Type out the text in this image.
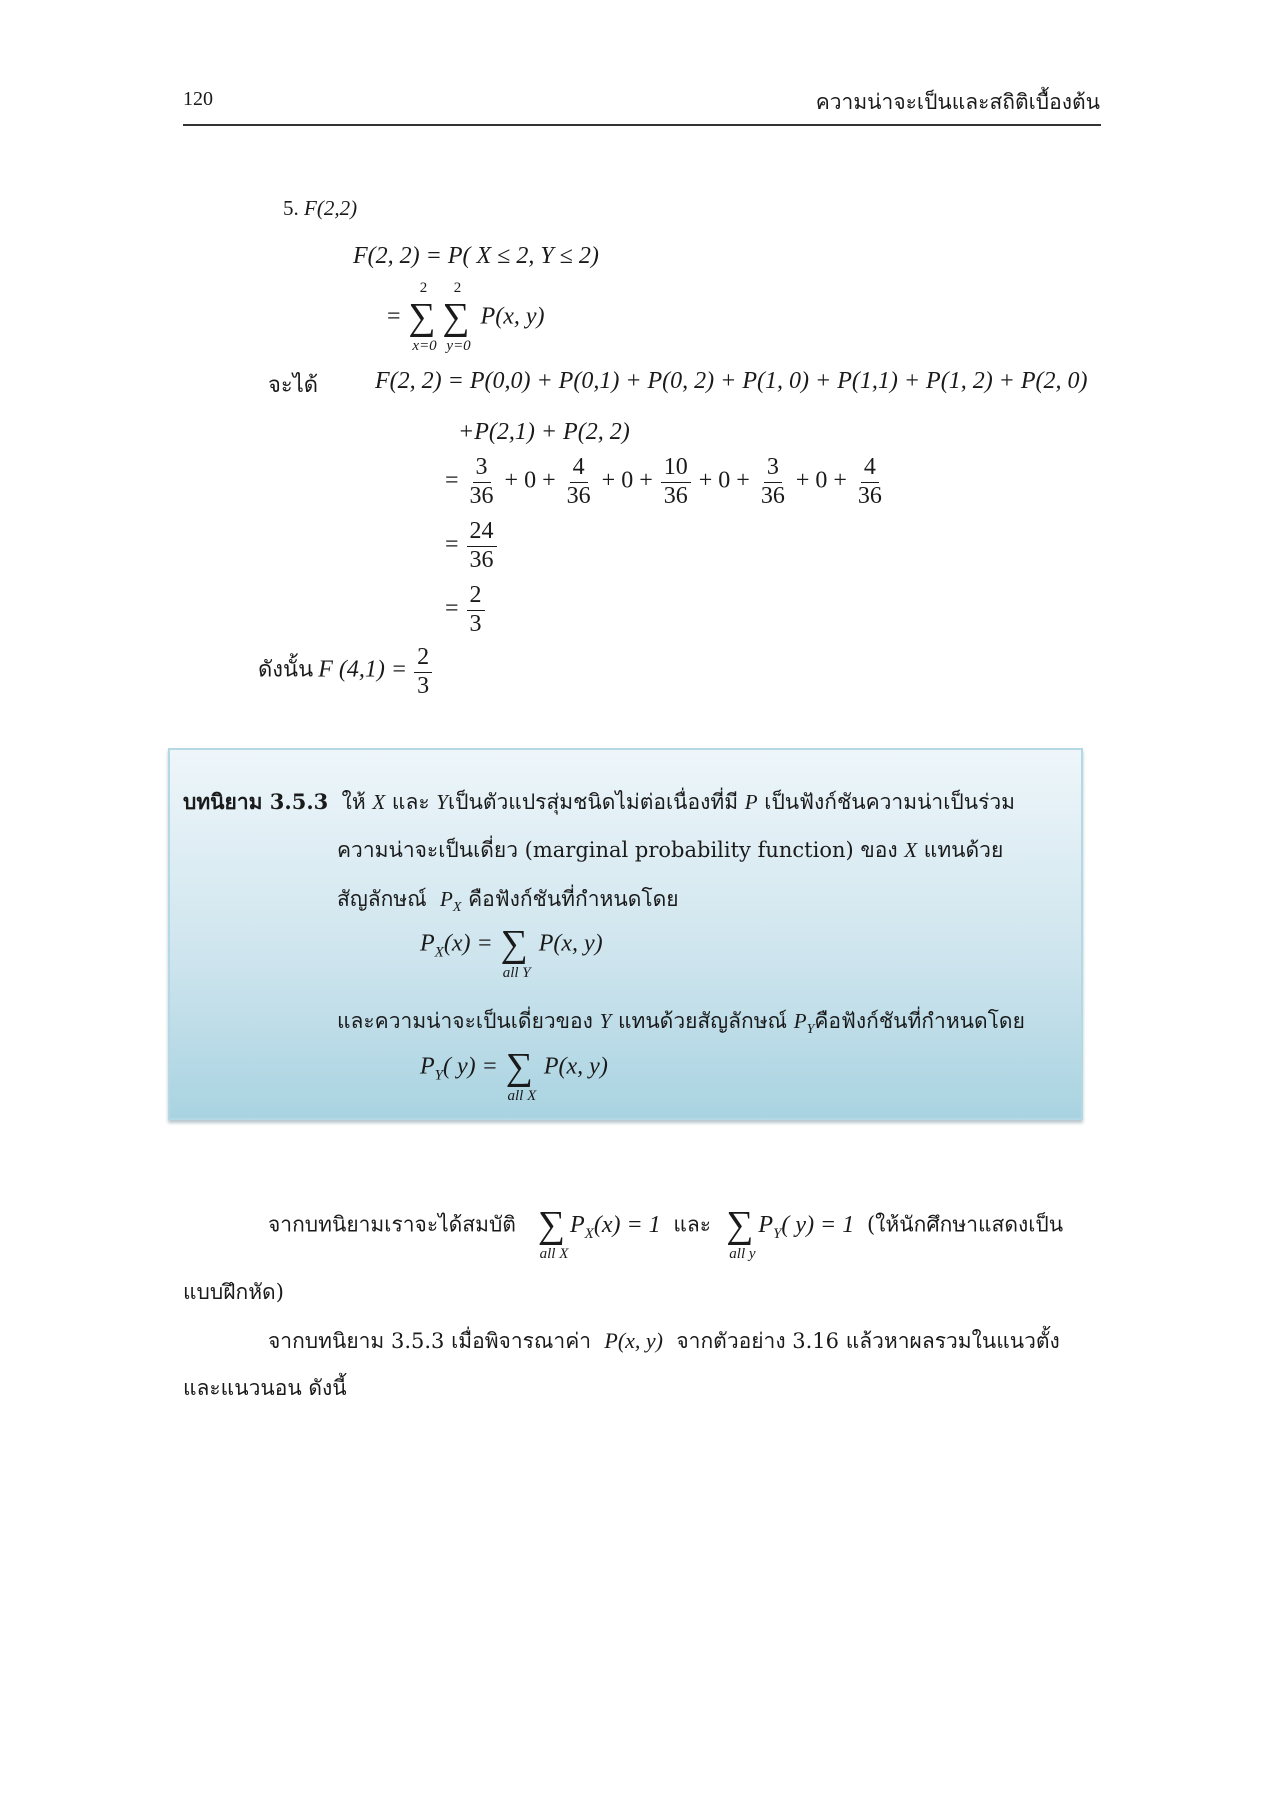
120	ความน่าจะเป็นและสถิติเบื้องต้น
5. F(2,2)
F(2, 2) = P( X ≤ 2, Y ≤ 2)
=
2
∑
x=0
2
∑
y=0
P(x, y)
จะได้ F(2, 2) = P(0,0) + P(0,1) + P(0, 2) + P(1, 0) + P(1,1) + P(1, 2) + P(2, 0)
+P(2,1) + P(2, 2)
= $\frac{3}{36} + 0 + \frac{4}{36} + 0 + \frac{10}{36} + 0 + \frac{3}{36} + 0 + \frac{4}{36}$
= $\frac{24}{36}$
= $\frac{2}{3}$
ดังนั้น F $(4,1) = \frac{2}{3}$
บทนิยาม 3.5.3 ให้ X และ Yเป็นตัวแปรสุ่มชนิดไม่ต่อเนื่องที่มี P เป็นฟังก์ชันความน่าเป็นร่วม
ความน่าจะเป็นเดี่ยว (marginal probability function) ของ X แทนด้วย
สัญลักษณ์ $P_X$ คือฟังก์ชันที่กำหนดโดย
$P_X(x)$ = ∑
all Y
P(x, y)
และความน่าจะเป็นเดี่ยวของ Y แทนด้วยสัญลักษณ์ $P_Y$คือฟังก์ชันที่กำหนดโดย
$P_Y$( y) = ∑
all X
P(x, y)
จากบทนิยามเราจะได้สมบัติ ∑
all X
$P_X(x) = 1$ และ ∑
all y
$P_Y$( y) = 1 (ให้นักศึกษาแสดงเป็น
แบบฝึกหัด)
จากบทนิยาม 3.5.3 เมื่อพิจารณาค่า P(x, y) จากตัวอย่าง 3.16 แล้วหาผลรวมในแนวตั้ง
และแนวนอน ดังนี้
